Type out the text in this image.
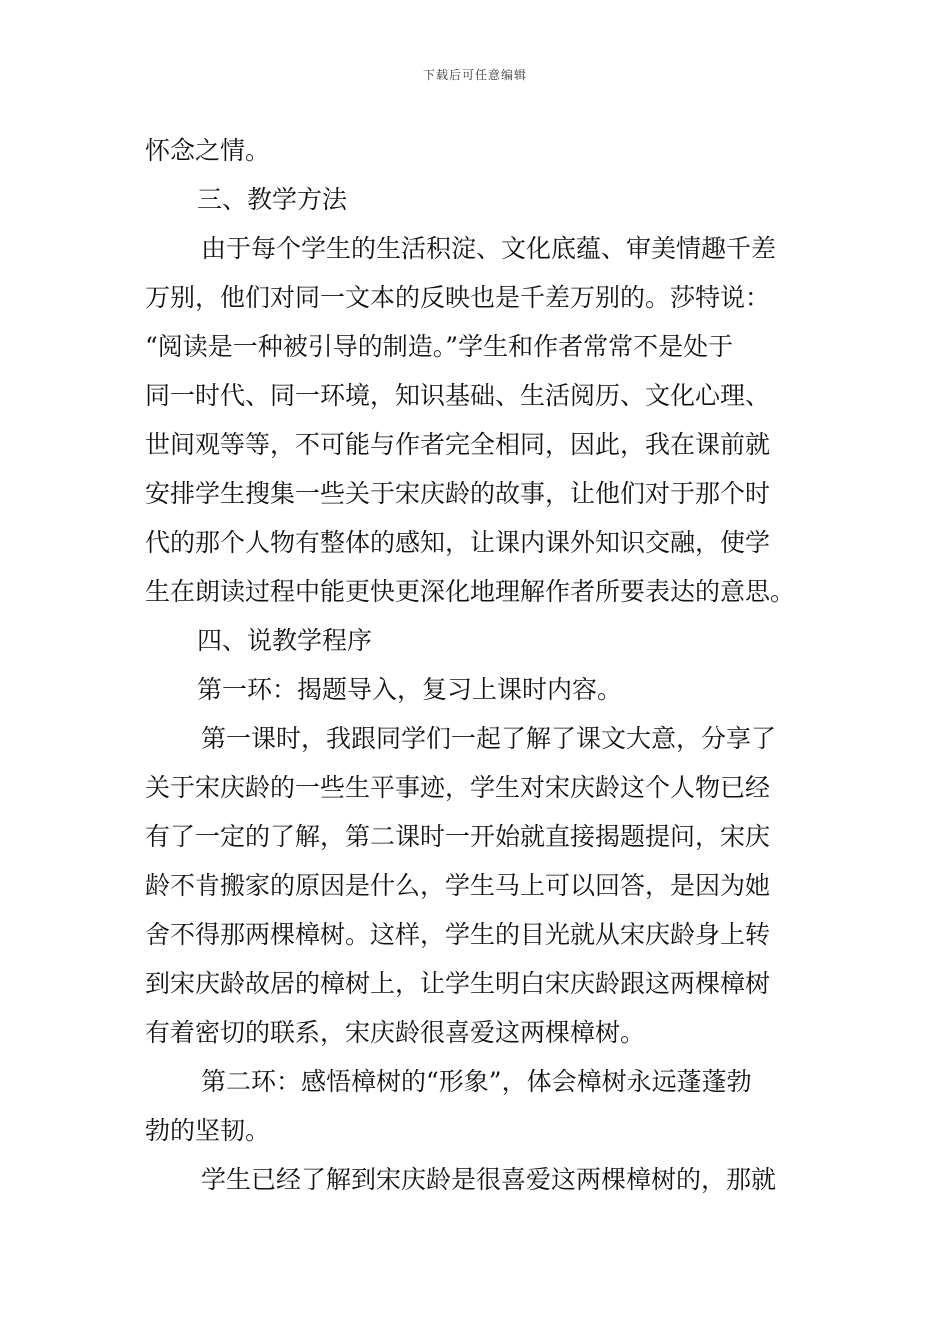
下载后可任意编辑
怀念之情。
三、教学方法
由于每个学生的生活积淀、文化底蕴、审美情趣千差
万别，他们对同一文本的反映也是千差万别的。莎特说：
“阅读是一种被引导的制造。”学生和作者常常不是处于
同一时代、同一环境，知识基础、生活阅历、文化心理、
世间观等等，不可能与作者完全相同，因此，我在课前就
安排学生搜集一些关于宋庆龄的故事，让他们对于那个时
代的那个人物有整体的感知，让课内课外知识交融，使学
生在朗读过程中能更快更深化地理解作者所要表达的意思。
四、说教学程序
第一环：揭题导入，复习上课时内容。
第一课时，我跟同学们一起了解了课文大意，分享了
关于宋庆龄的一些生平事迹，学生对宋庆龄这个人物已经
有了一定的了解，第二课时一开始就直接揭题提问，宋庆
龄不肯搬家的原因是什么，学生马上可以回答，是因为她
舍不得那两棵樟树。这样，学生的目光就从宋庆龄身上转
到宋庆龄故居的樟树上，让学生明白宋庆龄跟这两棵樟树
有着密切的联系，宋庆龄很喜爱这两棵樟树。
第二环：感悟樟树的“形象”，体会樟树永远蓬蓬勃
勃的坚韧。
学生已经了解到宋庆龄是很喜爱这两棵樟树的，那就
